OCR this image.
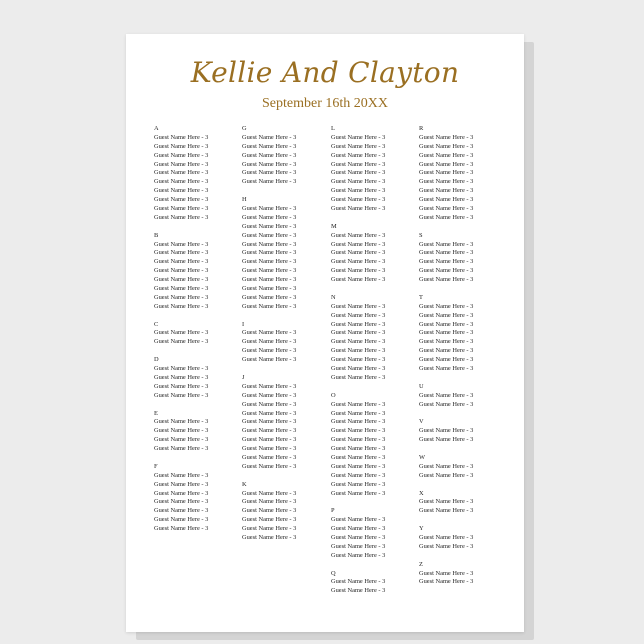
Kellie And Clayton
September 16th 20XX
A
Guest Name Here - 3
Guest Name Here - 3
Guest Name Here - 3
Guest Name Here - 3
Guest Name Here - 3
Guest Name Here - 3
Guest Name Here - 3
Guest Name Here - 3
Guest Name Here - 3
Guest Name Here - 3
B
Guest Name Here - 3
Guest Name Here - 3
Guest Name Here - 3
Guest Name Here - 3
Guest Name Here - 3
Guest Name Here - 3
Guest Name Here - 3
Guest Name Here - 3
C
Guest Name Here - 3
Guest Name Here - 3
D
Guest Name Here - 3
Guest Name Here - 3
Guest Name Here - 3
Guest Name Here - 3
E
Guest Name Here - 3
Guest Name Here - 3
Guest Name Here - 3
Guest Name Here - 3
F
Guest Name Here - 3
Guest Name Here - 3
Guest Name Here - 3
Guest Name Here - 3
Guest Name Here - 3
Guest Name Here - 3
Guest Name Here - 3
G
Guest Name Here - 3
Guest Name Here - 3
Guest Name Here - 3
Guest Name Here - 3
Guest Name Here - 3
Guest Name Here - 3
H
Guest Name Here - 3
Guest Name Here - 3
Guest Name Here - 3
Guest Name Here - 3
Guest Name Here - 3
Guest Name Here - 3
Guest Name Here - 3
Guest Name Here - 3
Guest Name Here - 3
Guest Name Here - 3
Guest Name Here - 3
Guest Name Here - 3
I
Guest Name Here - 3
Guest Name Here - 3
Guest Name Here - 3
Guest Name Here - 3
J
Guest Name Here - 3
Guest Name Here - 3
Guest Name Here - 3
Guest Name Here - 3
Guest Name Here - 3
Guest Name Here - 3
Guest Name Here - 3
Guest Name Here - 3
Guest Name Here - 3
Guest Name Here - 3
K
Guest Name Here - 3
Guest Name Here - 3
Guest Name Here - 3
Guest Name Here - 3
Guest Name Here - 3
Guest Name Here - 3
L
Guest Name Here - 3
Guest Name Here - 3
Guest Name Here - 3
Guest Name Here - 3
Guest Name Here - 3
Guest Name Here - 3
Guest Name Here - 3
Guest Name Here - 3
Guest Name Here - 3
M
Guest Name Here - 3
Guest Name Here - 3
Guest Name Here - 3
Guest Name Here - 3
Guest Name Here - 3
Guest Name Here - 3
N
Guest Name Here - 3
Guest Name Here - 3
Guest Name Here - 3
Guest Name Here - 3
Guest Name Here - 3
Guest Name Here - 3
Guest Name Here - 3
Guest Name Here - 3
Guest Name Here - 3
O
Guest Name Here - 3
Guest Name Here - 3
Guest Name Here - 3
Guest Name Here - 3
Guest Name Here - 3
Guest Name Here - 3
Guest Name Here - 3
Guest Name Here - 3
Guest Name Here - 3
Guest Name Here - 3
Guest Name Here - 3
P
Guest Name Here - 3
Guest Name Here - 3
Guest Name Here - 3
Guest Name Here - 3
Guest Name Here - 3
Q
Guest Name Here - 3
Guest Name Here - 3
R
Guest Name Here - 3
Guest Name Here - 3
Guest Name Here - 3
Guest Name Here - 3
Guest Name Here - 3
Guest Name Here - 3
Guest Name Here - 3
Guest Name Here - 3
Guest Name Here - 3
Guest Name Here - 3
S
Guest Name Here - 3
Guest Name Here - 3
Guest Name Here - 3
Guest Name Here - 3
Guest Name Here - 3
T
Guest Name Here - 3
Guest Name Here - 3
Guest Name Here - 3
Guest Name Here - 3
Guest Name Here - 3
Guest Name Here - 3
Guest Name Here - 3
Guest Name Here - 3
U
Guest Name Here - 3
Guest Name Here - 3
V
Guest Name Here - 3
Guest Name Here - 3
W
Guest Name Here - 3
Guest Name Here - 3
X
Guest Name Here - 3
Guest Name Here - 3
Y
Guest Name Here - 3
Guest Name Here - 3
Z
Guest Name Here - 3
Guest Name Here - 3
